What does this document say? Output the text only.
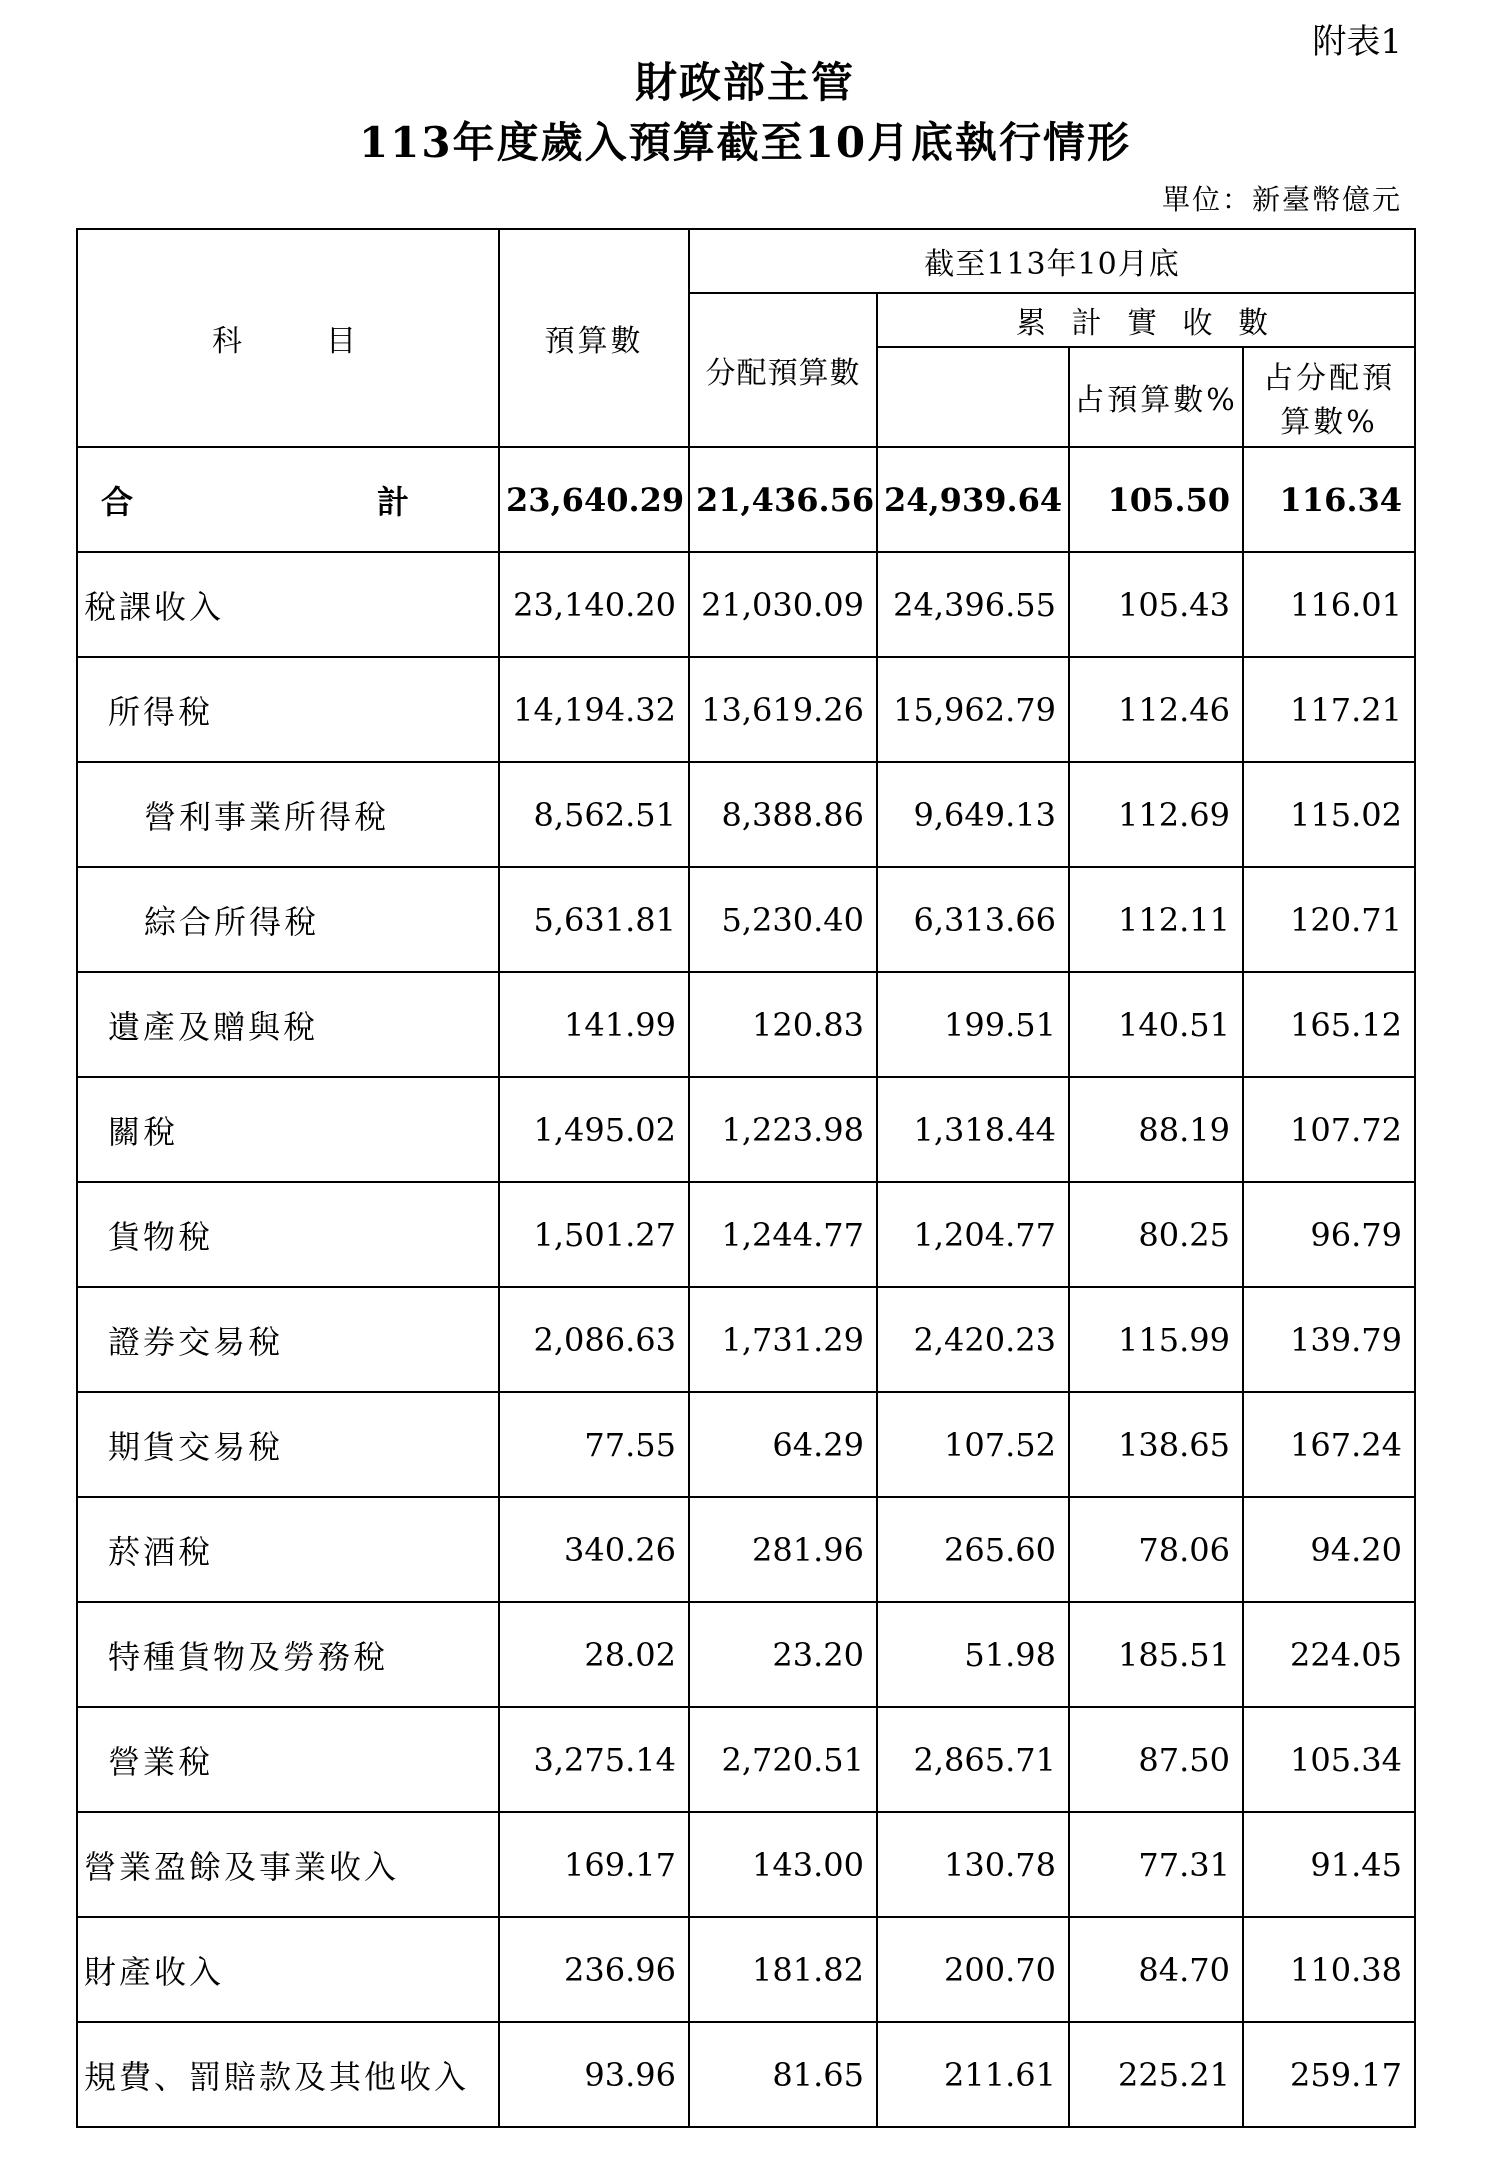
附表1
財政部主管
113年度歲入預算截至10月底執行情形
單位：新臺幣億元
科　　目	預算數	截至113年10月底			
		分配預算數	累 計 實 收 數		
				占預算數%	占分配預算數%
合　　計	23,640.29	21,436.56	24,939.64	105.50	116.34
稅課收入	23,140.20	21,030.09	24,396.55	105.43	116.01
所得稅	14,194.32	13,619.26	15,962.79	112.46	117.21
營利事業所得稅	8,562.51	8,388.86	9,649.13	112.69	115.02
綜合所得稅	5,631.81	5,230.40	6,313.66	112.11	120.71
遺產及贈與稅	141.99	120.83	199.51	140.51	165.12
關稅	1,495.02	1,223.98	1,318.44	88.19	107.72
貨物稅	1,501.27	1,244.77	1,204.77	80.25	96.79
證券交易稅	2,086.63	1,731.29	2,420.23	115.99	139.79
期貨交易稅	77.55	64.29	107.52	138.65	167.24
菸酒稅	340.26	281.96	265.60	78.06	94.20
特種貨物及勞務稅	28.02	23.20	51.98	185.51	224.05
營業稅	3,275.14	2,720.51	2,865.71	87.50	105.34
營業盈餘及事業收入	169.17	143.00	130.78	77.31	91.45
財產收入	236.96	181.82	200.70	84.70	110.38
規費、罰賠款及其他收入	93.96	81.65	211.61	225.21	259.17
